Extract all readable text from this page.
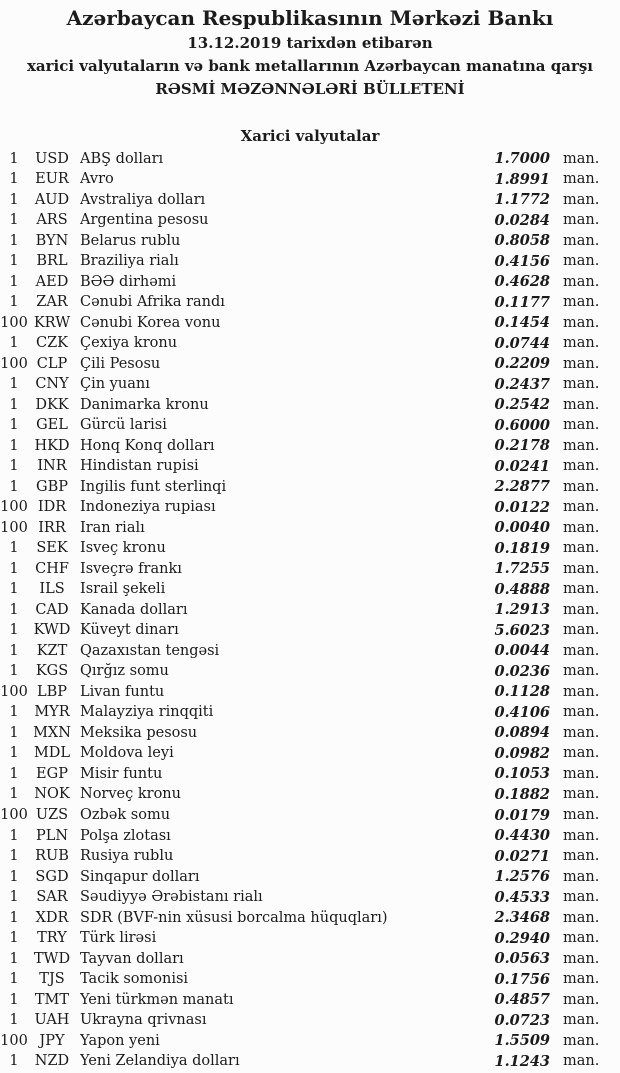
Azərbaycan Respublikasının Mərkəzi Bankı
13.12.2019 tarixdən etibarən
xarici valyutaların və bank metallarının Azərbaycan manatına qarşı
RƏSMİ MƏZƏNNƏLƏRİ BÜLLETENİ
Xarici valyutalar
1	USD ABŞ dolları	1.7000 man.
1	EUR Avro	1.8991 man.
1	AUD Avstraliya dolları	1.1772 man.
1	ARS Argentina pesosu	0.0284 man.
1	BYN Belarus rublu	0.8058 man.
1	BRL Braziliya rialı	0.4156 man.
1	AED BƏƏ dirhəmi	0.4628 man.
1	ZAR Cənubi Afrika randı	0.1177 man.
100 KRW Cənubi Korea vonu	0.1454 man.
1	CZK Çexiya kronu	0.0744 man.
100 CLP Çili Pesosu	0.2209 man.
1	CNY Çin yuanı	0.2437 man.
1	DKK Danimarka kronu	0.2542 man.
1	GEL Gürcü larisi	0.6000 man.
1	HKD Honq Konq dolları	0.2178 man.
1	INR Hindistan rupisi	0.0241 man.
1	GBP İngilis funt sterlinqi	2.2877 man.
100 IDR İndoneziya rupiası	0.0122 man.
100 IRR İran rialı	0.0040 man.
1	SEK İsveç kronu	0.1819 man.
1	CHF İsveçrə frankı	1.7255 man.
1	ILS	İsrail şekeli	0.4888 man.
1	CAD Kanada dolları	1.2913 man.
1	KWD Küveyt dinarı	5.6023 man.
1	KZT Qazaxıstan tengəsi	0.0044 man.
1	KGS Qırğız somu	0.0236 man.
100 LBP Livan funtu	0.1128 man.
1	MYR Malayziya rinqqiti	0.4106 man.
1 MXN Meksika pesosu	0.0894 man.
1	MDL Moldova leyi	0.0982 man.
1	EGP Misir funtu	0.1053 man.
1	NOK Norveç kronu	0.1882 man.
100 UZS Özbək somu	0.0179 man.
1	PLN Polşa zlotası	0.4430 man.
1	RUB Rusiya rublu	0.0271 man.
1	SGD Sinqapur dolları	1.2576 man.
1	SAR Səudiyyə Ərəbistanı rialı	0.4533 man.
1	XDR SDR (BVF-nin xüsusi borcalma hüquqları)	2.3468 man.
1	TRY Türk lirəsi	0.2940 man.
1	TWD Tayvan dolları	0.0563 man.
1	TJS	Tacik somonisi	0.1756 man.
1	TMT Yeni türkmən manatı	0.4857 man.
1	UAH Ukrayna qrivnası	0.0723 man.
100 JPY	Yapon yeni	1.5509 man.
1	NZD Yeni Zelandiya dolları	1.1243 man.
